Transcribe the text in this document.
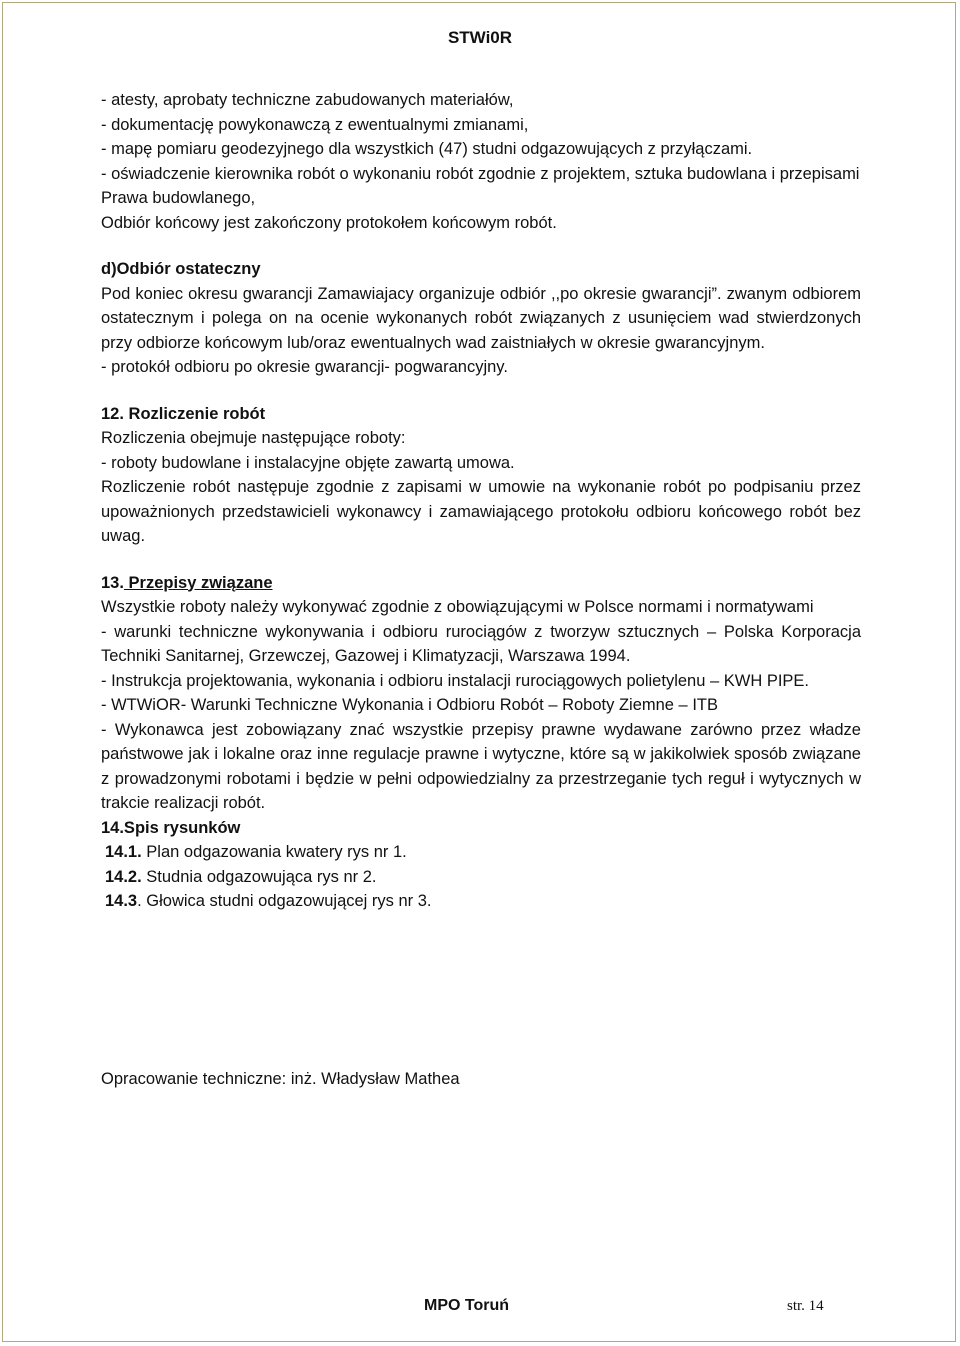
STWi0R

- atesty, aprobaty techniczne zabudowanych materiałów,

- dokumentację powykonawczą z ewentualnymi zmianami,

- mapę pomiaru geodezyjnego dla wszystkich (47) studni odgazowujących z przyłączami.

- oświadczenie kierownika robót o wykonaniu robót zgodnie z projektem, sztuka budowlana i przepisami Prawa budowlanego,

Odbiór końcowy jest zakończony protokołem końcowym robót.

d)Odbiór ostateczny

Pod koniec okresu gwarancji Zamawiajacy organizuje odbiór ,,po okresie gwarancji”. zwanym odbiorem ostatecznym i polega on na ocenie wykonanych robót związanych z usunięciem wad stwierdzonych przy odbiorze końcowym lub/oraz ewentualnych wad zaistniałych w okresie gwarancyjnym.

- protokół odbioru po okresie gwarancji- pogwarancyjny.

12. Rozliczenie robót

Rozliczenia obejmuje następujące roboty:

- roboty budowlane i instalacyjne objęte zawartą umowa.

Rozliczenie robót następuje zgodnie z zapisami w umowie na wykonanie robót po podpisaniu przez upoważnionych przedstawicieli wykonawcy i zamawiającego protokołu odbioru końcowego robót bez uwag.

13. Przepisy związane

Wszystkie roboty należy wykonywać zgodnie z obowiązującymi w Polsce normami i normatywami

- warunki techniczne wykonywania i odbioru rurociągów z tworzyw sztucznych – Polska Korporacja Techniki Sanitarnej, Grzewczej, Gazowej i Klimatyzacji, Warszawa 1994.

- Instrukcja projektowania, wykonania i odbioru instalacji rurociągowych polietylenu – KWH PIPE.

- WTWiOR- Warunki Techniczne Wykonania i Odbioru Robót – Roboty Ziemne – ITB

- Wykonawca jest zobowiązany znać wszystkie przepisy prawne wydawane zarówno przez władze państwowe jak i lokalne oraz inne regulacje prawne i wytyczne, które są w jakikolwiek sposób związane z prowadzonymi robotami i będzie w pełni odpowiedzialny za przestrzeganie tych reguł i wytycznych w trakcie realizacji robót.

14.Spis rysunków

14.1. Plan odgazowania kwatery rys nr 1.

14.2. Studnia odgazowująca rys nr 2.

14.3. Głowica studni odgazowującej rys nr 3.

Opracowanie techniczne: inż. Władysław Mathea
MPO Toruń	str. 14
